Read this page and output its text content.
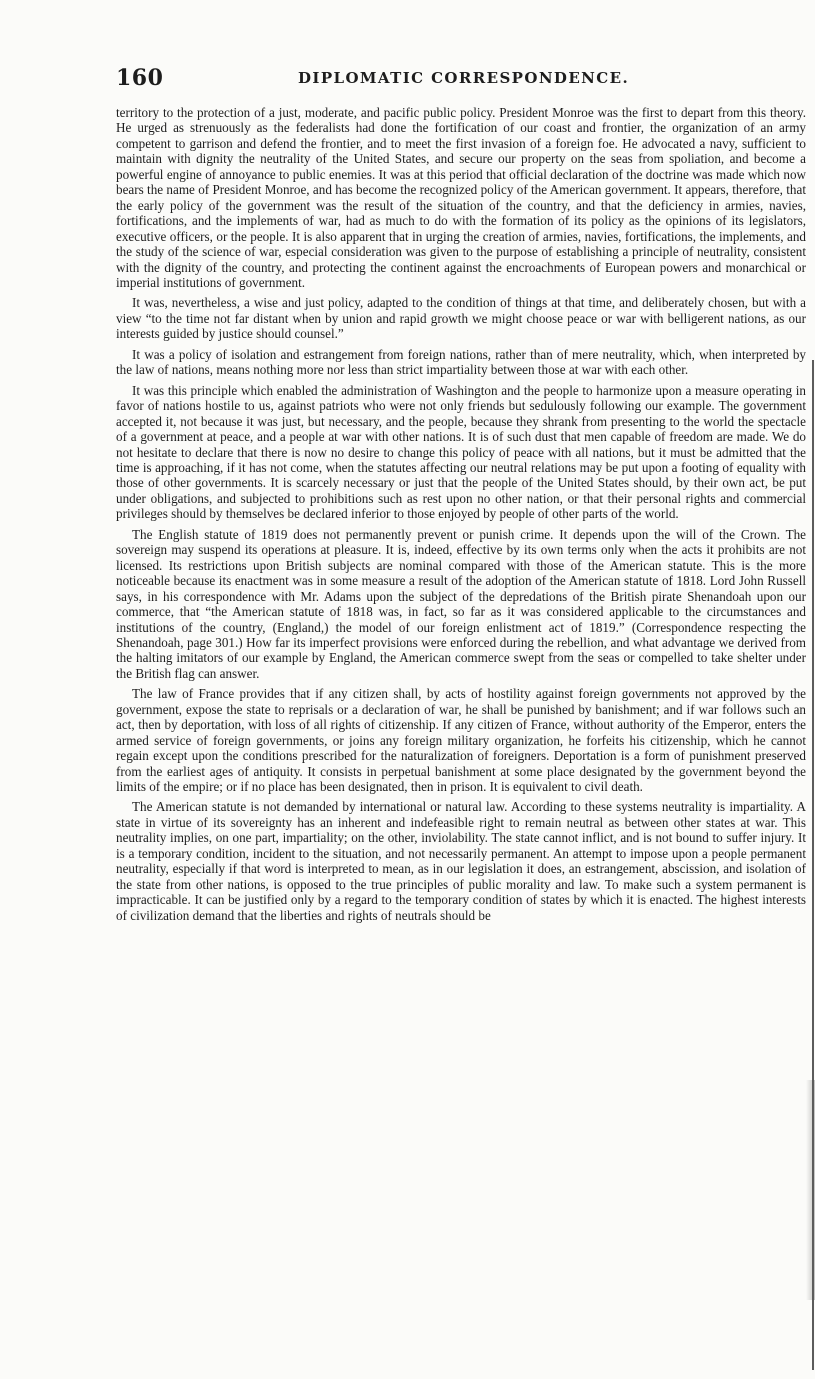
160	DIPLOMATIC CORRESPONDENCE.

territory to the protection of a just, moderate, and pacific public policy. President Monroe was the first to depart from this theory. He urged as strenuously as the federalists had done the fortification of our coast and frontier, the organization of an army competent to garrison and defend the frontier, and to meet the first invasion of a foreign foe. He advocated a navy, sufficient to maintain with dignity the neutrality of the United States, and secure our property on the seas from spoliation, and become a powerful engine of annoyance to public enemies. It was at this period that official declaration of the doctrine was made which now bears the name of President Monroe, and has become the recognized policy of the American government. It appears, therefore, that the early policy of the government was the result of the situation of the country, and that the deficiency in armies, navies, fortifications, and the implements of war, had as much to do with the formation of its policy as the opinions of its legislators, executive officers, or the people. It is also apparent that in urging the creation of armies, navies, fortifications, the implements, and the study of the science of war, especial consideration was given to the purpose of establishing a principle of neutrality, consistent with the dignity of the country, and protecting the continent against the encroachments of European powers and monarchical or imperial institutions of government.

It was, nevertheless, a wise and just policy, adapted to the condition of things at that time, and deliberately chosen, but with a view “to the time not far distant when by union and rapid growth we might choose peace or war with belligerent nations, as our interests guided by justice should counsel.”

It was a policy of isolation and estrangement from foreign nations, rather than of mere neutrality, which, when interpreted by the law of nations, means nothing more nor less than strict impartiality between those at war with each other.

It was this principle which enabled the administration of Washington and the people to harmonize upon a measure operating in favor of nations hostile to us, against patriots who were not only friends but sedulously following our example. The government accepted it, not because it was just, but necessary, and the people, because they shrank from presenting to the world the spectacle of a government at peace, and a people at war with other nations. It is of such dust that men capable of freedom are made. We do not hesitate to declare that there is now no desire to change this policy of peace with all nations, but it must be admitted that the time is approaching, if it has not come, when the statutes affecting our neutral relations may be put upon a footing of equality with those of other governments. It is scarcely necessary or just that the people of the United States should, by their own act, be put under obligations, and subjected to prohibitions such as rest upon no other nation, or that their personal rights and commercial privileges should by themselves be declared inferior to those enjoyed by people of other parts of the world.

The English statute of 1819 does not permanently prevent or punish crime. It depends upon the will of the Crown. The sovereign may suspend its operations at pleasure. It is, indeed, effective by its own terms only when the acts it prohibits are not licensed. Its restrictions upon British subjects are nominal compared with those of the American statute. This is the more noticeable because its enactment was in some measure a result of the adoption of the American statute of 1818. Lord John Russell says, in his correspondence with Mr. Adams upon the subject of the depredations of the British pirate Shenandoah upon our commerce, that “the American statute of 1818 was, in fact, so far as it was considered applicable to the circumstances and institutions of the country, (England,) the model of our foreign enlistment act of 1819.” (Correspondence respecting the Shenandoah, page 301.) How far its imperfect provisions were enforced during the rebellion, and what advantage we derived from the halting imitators of our example by England, the American commerce swept from the seas or compelled to take shelter under the British flag can answer.

The law of France provides that if any citizen shall, by acts of hostility against foreign governments not approved by the government, expose the state to reprisals or a declaration of war, he shall be punished by banishment; and if war follows such an act, then by deportation, with loss of all rights of citizenship. If any citizen of France, without authority of the Emperor, enters the armed service of foreign governments, or joins any foreign military organization, he forfeits his citizenship, which he cannot regain except upon the conditions prescribed for the naturalization of foreigners. Deportation is a form of punishment preserved from the earliest ages of antiquity. It consists in perpetual banishment at some place designated by the government beyond the limits of the empire; or if no place has been designated, then in prison. It is equivalent to civil death.

The American statute is not demanded by international or natural law. According to these systems neutrality is impartiality. A state in virtue of its sovereignty has an inherent and indefeasible right to remain neutral as between other states at war. This neutrality implies, on one part, impartiality; on the other, inviolability. The state cannot inflict, and is not bound to suffer injury. It is a temporary condition, incident to the situation, and not necessarily permanent. An attempt to impose upon a people permanent neutrality, especially if that word is interpreted to mean, as in our legislation it does, an estrangement, abscission, and isolation of the state from other nations, is opposed to the true principles of public morality and law. To make such a system permanent is impracticable. It can be justified only by a regard to the temporary condition of states by which it is enacted. The highest interests of civilization demand that the liberties and rights of neutrals should be
